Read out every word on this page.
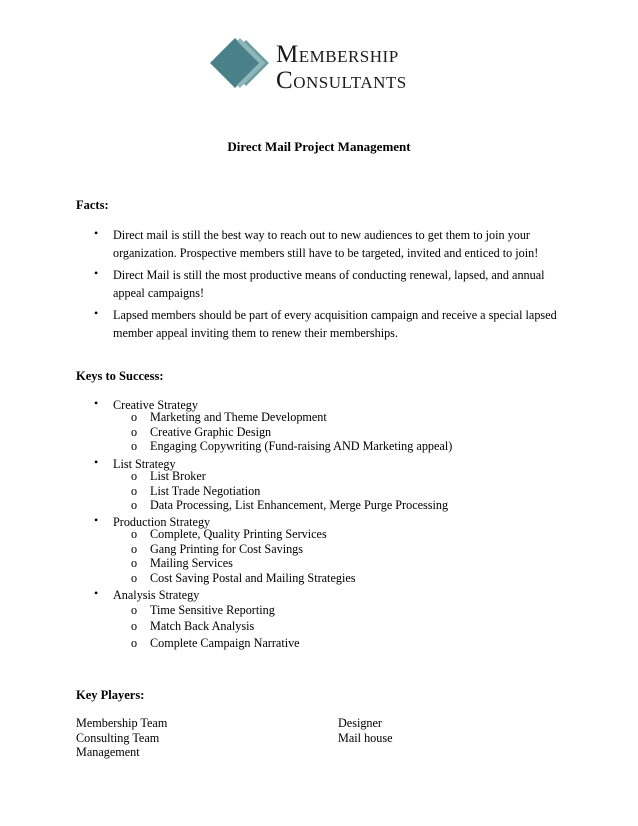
MEMBERSHIP
CONSULTANTS
Direct Mail Project Management
Facts:
• Direct mail is still the best way to reach out to new audiences to get them to join your organization. Prospective members still have to be targeted, invited and enticed to join!
• Direct Mail is still the most productive means of conducting renewal, lapsed, and annual appeal campaigns!
• Lapsed members should be part of every acquisition campaign and receive a special lapsed member appeal inviting them to renew their memberships.
Keys to Success:
• Creative Strategy
o Marketing and Theme Development
o Creative Graphic Design
o Engaging Copywriting (Fund-raising AND Marketing appeal)
• List Strategy
o List Broker
o List Trade Negotiation
o Data Processing, List Enhancement, Merge Purge Processing
• Production Strategy
o Complete, Quality Printing Services
o Gang Printing for Cost Savings
o Mailing Services
o Cost Saving Postal and Mailing Strategies
• Analysis Strategy
o Time Sensitive Reporting
o Match Back Analysis
o Complete Campaign Narrative
Key Players:
Membership Team
Consulting Team
Management
Designer
Mail house
